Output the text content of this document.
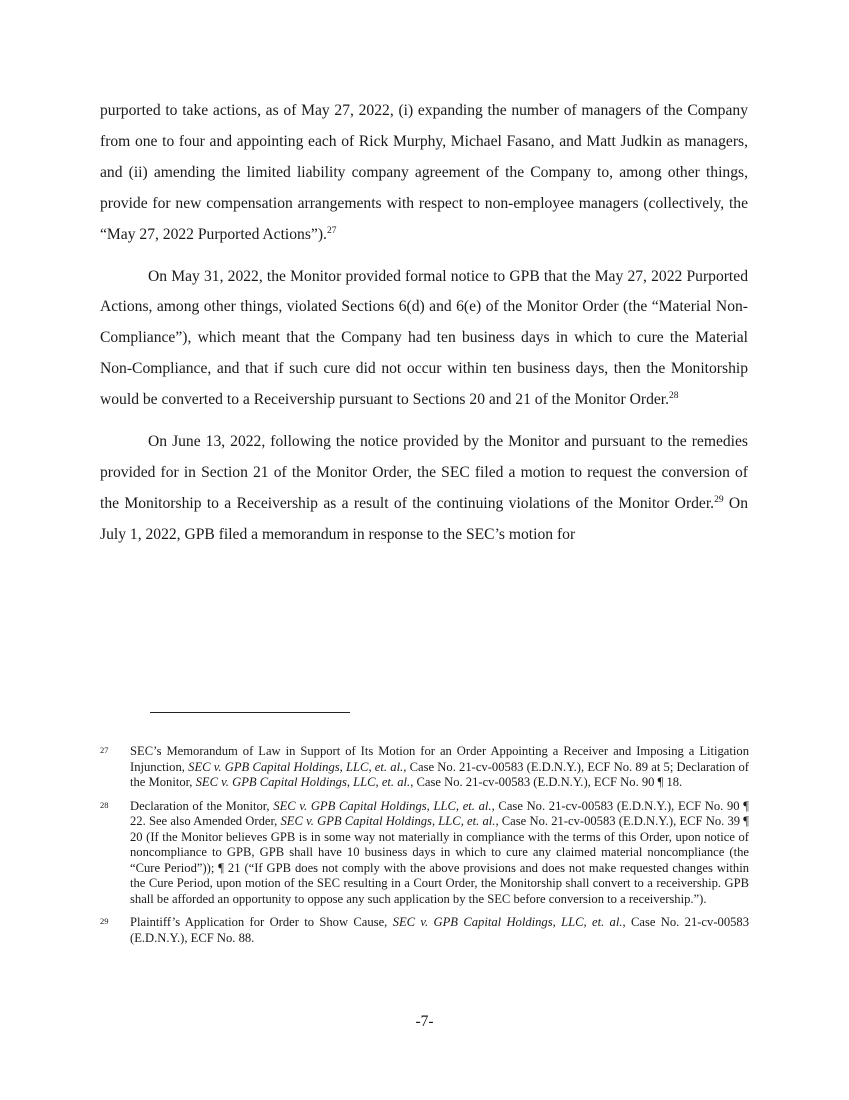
purported to take actions, as of May 27, 2022, (i) expanding the number of managers of the Company from one to four and appointing each of Rick Murphy, Michael Fasano, and Matt Judkin as managers, and (ii) amending the limited liability company agreement of the Company to, among other things, provide for new compensation arrangements with respect to non-employee managers (collectively, the “May 27, 2022 Purported Actions”).$^{27}$

On May 31, 2022, the Monitor provided formal notice to GPB that the May 27, 2022 Purported Actions, among other things, violated Sections 6(d) and 6(e) of the Monitor Order (the “Material Non-Compliance”), which meant that the Company had ten business days in which to cure the Material Non-Compliance, and that if such cure did not occur within ten business days, then the Monitorship would be converted to a Receivership pursuant to Sections 20 and 21 of the Monitor Order.$^{28}$

On June 13, 2022, following the notice provided by the Monitor and pursuant to the remedies provided for in Section 21 of the Monitor Order, the SEC filed a motion to request the conversion of the Monitorship to a Receivership as a result of the continuing violations of the Monitor Order.$^{29}$ On July 1, 2022, GPB filed a memorandum in response to the SEC’s motion for

27	SEC’s Memorandum of Law in Support of Its Motion for an Order Appointing a Receiver and Imposing a Litigation Injunction, SEC v. GPB Capital Holdings, LLC, et. al., Case No. 21-cv-00583 (E.D.N.Y.), ECF No. 89 at 5; Declaration of the Monitor, SEC v. GPB Capital Holdings, LLC, et. al., Case No. 21-cv-00583 (E.D.N.Y.), ECF No. 90 ¶ 18.
28	Declaration of the Monitor, SEC v. GPB Capital Holdings, LLC, et. al., Case No. 21-cv-00583 (E.D.N.Y.), ECF No. 90 ¶ 22. See also Amended Order, SEC v. GPB Capital Holdings, LLC, et. al., Case No. 21-cv-00583 (E.D.N.Y.), ECF No. 39 ¶ 20 (If the Monitor believes GPB is in some way not materially in compliance with the terms of this Order, upon notice of noncompliance to GPB, GPB shall have 10 business days in which to cure any claimed material noncompliance (the “Cure Period”)); ¶ 21 (“If GPB does not comply with the above provisions and does not make requested changes within the Cure Period, upon motion of the SEC resulting in a Court Order, the Monitorship shall convert to a receivership. GPB shall be afforded an opportunity to oppose any such application by the SEC before conversion to a receivership.”).
29	Plaintiff’s Application for Order to Show Cause, SEC v. GPB Capital Holdings, LLC, et. al., Case No. 21-cv-00583 (E.D.N.Y.), ECF No. 88.
-7-
